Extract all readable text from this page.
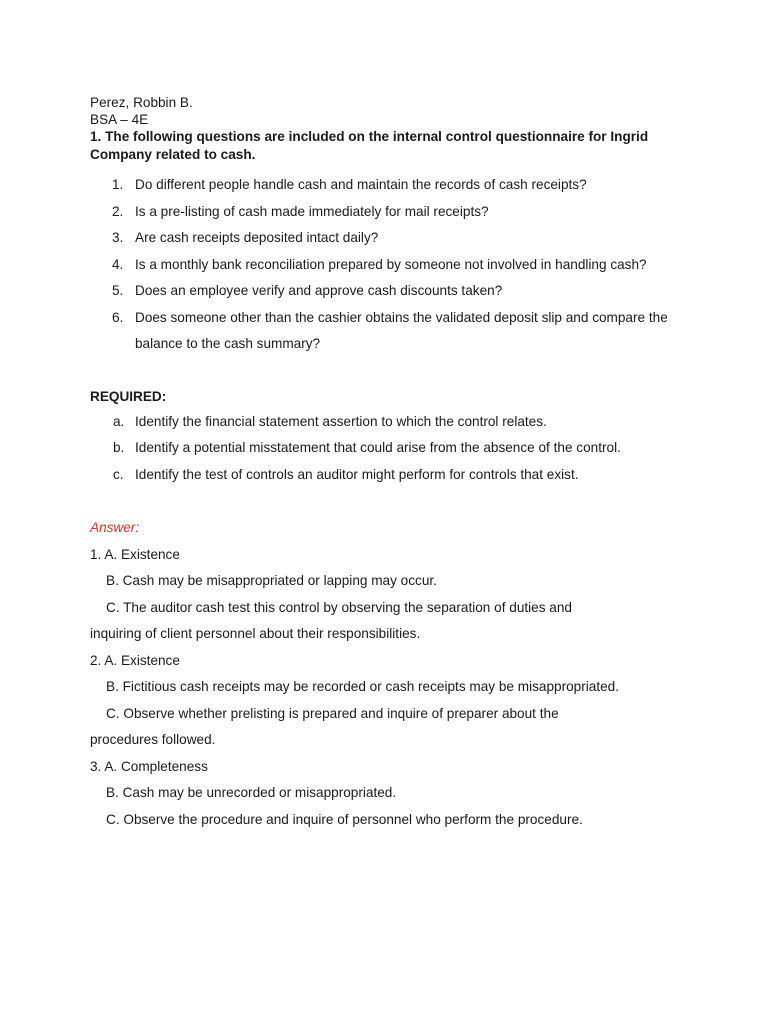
Perez, Robbin B.

BSA – 4E

1. The following questions are included on the internal control questionnaire for Ingrid Company related to cash.

1. Do different people handle cash and maintain the records of cash receipts?
2. Is a pre-listing of cash made immediately for mail receipts?
3. Are cash receipts deposited intact daily?
4. Is a monthly bank reconciliation prepared by someone not involved in handling cash?
5. Does an employee verify and approve cash discounts taken?
6. Does someone other than the cashier obtains the validated deposit slip and compare the balance to the cash summary?
REQUIRED:
a. Identify the financial statement assertion to which the control relates.
b. Identify a potential misstatement that could arise from the absence of the control.
c. Identify the test of controls an auditor might perform for controls that exist.
Answer:

1. A. Existence

B. Cash may be misappropriated or lapping may occur.

C. The auditor cash test this control by observing the separation of duties and

inquiring of client personnel about their responsibilities.

2. A. Existence

B. Fictitious cash receipts may be recorded or cash receipts may be misappropriated.

C. Observe whether prelisting is prepared and inquire of preparer about the

procedures followed.

3. A. Completeness

B. Cash may be unrecorded or misappropriated.

C. Observe the procedure and inquire of personnel who perform the procedure.
